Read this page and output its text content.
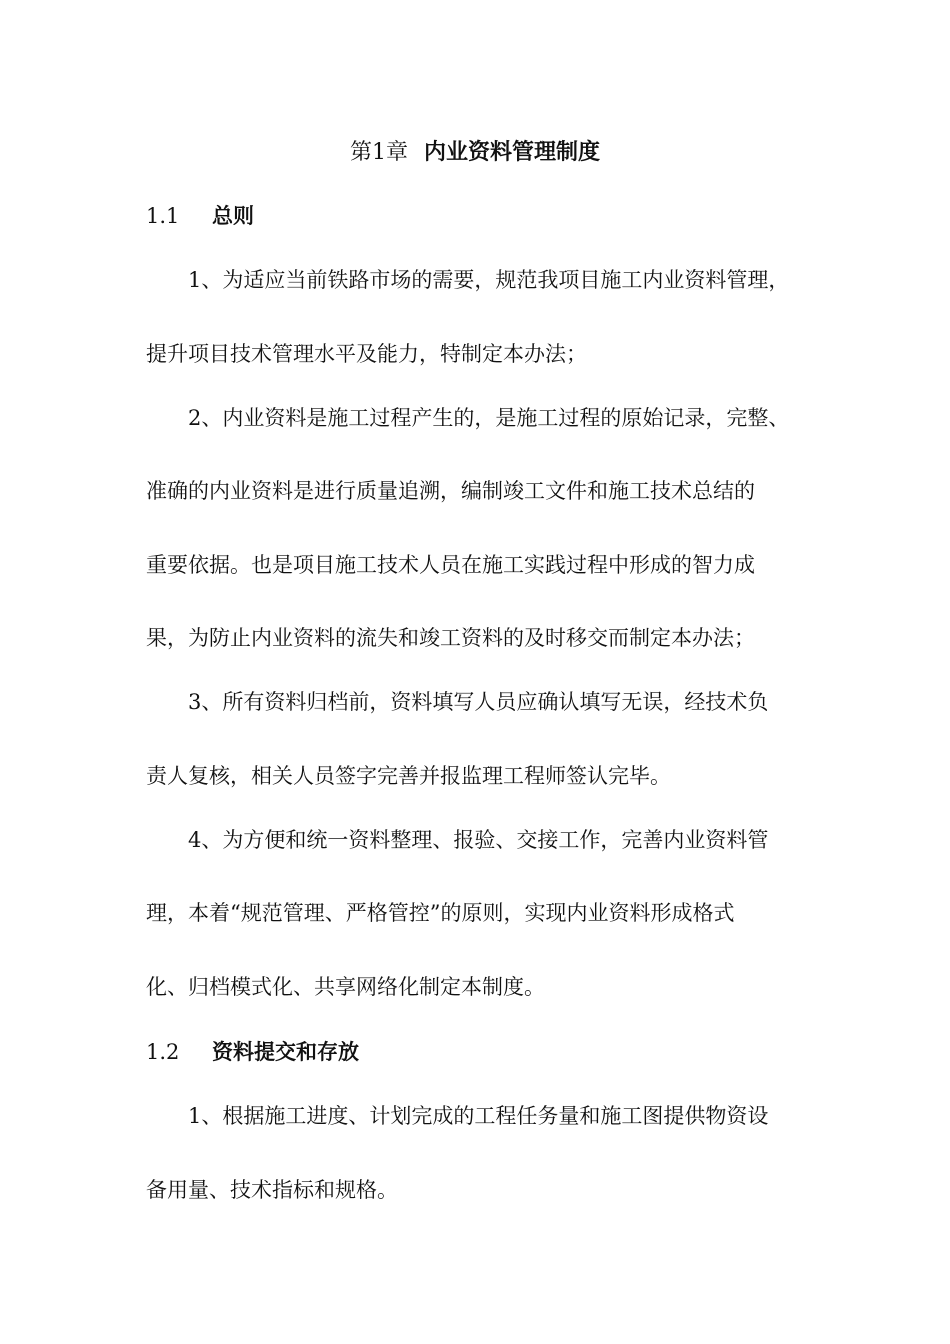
第1章 内业资料管理制度
1.1 总则
1、为适应当前铁路市场的需要，规范我项目施工内业资料管理，
提升项目技术管理水平及能力，特制定本办法；
2、内业资料是施工过程产生的，是施工过程的原始记录，完整、
准确的内业资料是进行质量追溯，编制竣工文件和施工技术总结的
重要依据。也是项目施工技术人员在施工实践过程中形成的智力成
果，为防止内业资料的流失和竣工资料的及时移交而制定本办法；
3、所有资料归档前，资料填写人员应确认填写无误，经技术负
责人复核，相关人员签字完善并报监理工程师签认完毕。
4、为方便和统一资料整理、报验、交接工作，完善内业资料管
理，本着“规范管理、严格管控”的原则，实现内业资料形成格式
化、归档模式化、共享网络化制定本制度。
1.2 资料提交和存放
1、根据施工进度、计划完成的工程任务量和施工图提供物资设
备用量、技术指标和规格。
